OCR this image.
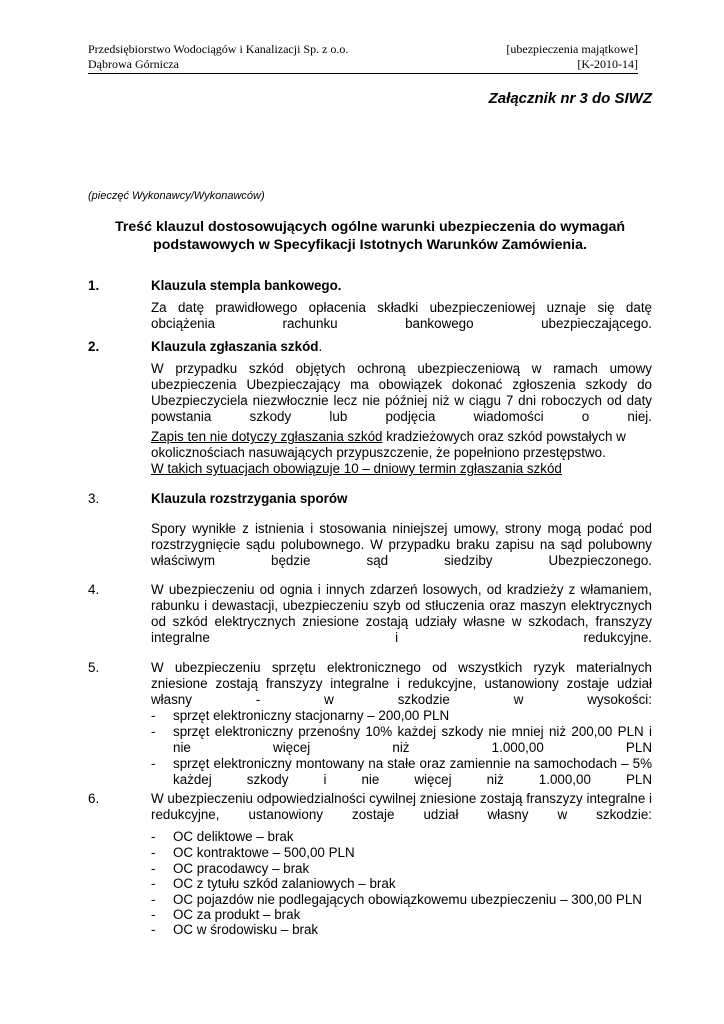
Przedsiębiorstwo Wodociągów i Kanalizacji Sp. z o.o.
Dąbrowa Górnicza
[ubezpieczenia majątkowe]
[K-2010-14]
Załącznik nr 3 do SIWZ
(pieczęć Wykonawcy/Wykonawców)
Treść klauzul dostosowujących ogólne warunki ubezpieczenia do wymagań
podstawowych w Specyfikacji Istotnych Warunków Zamówienia.
1.	Klauzula stempla bankowego.
Za datę prawidłowego opłacenia składki ubezpieczeniowej uznaje się datę obciążenia rachunku bankowego ubezpieczającego.
2.	Klauzula zgłaszania szkód.
W przypadku szkód objętych ochroną ubezpieczeniową w ramach umowy ubezpieczenia Ubezpieczający ma obowiązek dokonać zgłoszenia szkody do Ubezpieczyciela niezwłocznie lecz nie później niż w ciągu 7 dni roboczych od daty powstania szkody lub podjęcia wiadomości o niej.
Zapis ten nie dotyczy zgłaszania szkód kradzieżowych oraz szkód powstałych w okolicznościach nasuwających przypuszczenie, że popełniono przestępstwo.
W takich sytuacjach obowiązuje 10 – dniowy termin zgłaszania szkód
3.	Klauzula rozstrzygania sporów
Spory wynikłe z istnienia i stosowania niniejszej umowy, strony mogą podać pod rozstrzygnięcie sądu polubownego. W przypadku braku zapisu na sąd polubowny właściwym będzie sąd siedziby Ubezpieczonego.
4.	W ubezpieczeniu od ognia i innych zdarzeń losowych, od kradzieży z włamaniem, rabunku i dewastacji, ubezpieczeniu szyb od stłuczenia oraz maszyn elektrycznych od szkód elektrycznych zniesione zostają udziały własne w szkodach, franszyzy integralne i redukcyjne.
5.	W ubezpieczeniu sprzętu elektronicznego od wszystkich ryzyk materialnych zniesione zostają franszyzy integralne i redukcyjne, ustanowiony zostaje udział własny - w szkodzie w wysokości:
- sprzęt elektroniczny stacjonarny – 200,00 PLN
- sprzęt elektroniczny przenośny 10% każdej szkody nie mniej niż 200,00 PLN i nie więcej niż 1.000,00 PLN
- sprzęt elektroniczny montowany na stałe oraz zamiennie na samochodach – 5% każdej szkody i nie więcej niż 1.000,00 PLN
6.	W ubezpieczeniu odpowiedzialności cywilnej zniesione zostają franszyzy integralne i redukcyjne, ustanowiony zostaje udział własny w szkodzie:
- OC deliktowe – brak
- OC kontraktowe – 500,00 PLN
- OC pracodawcy – brak
- OC z tytułu szkód zalaniowych – brak
- OC pojazdów nie podlegających obowiązkowemu ubezpieczeniu – 300,00 PLN
- OC za produkt – brak
- OC w środowisku – brak
